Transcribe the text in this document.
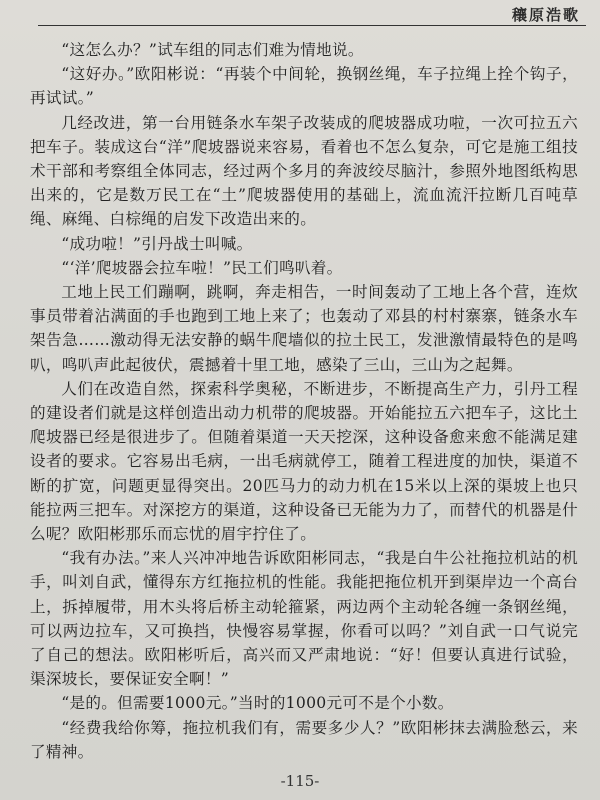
穰原浩歌

“这怎么办？”试车组的同志们难为情地说。

“这好办。”欧阳彬说：“再装个中间轮，换钢丝绳，车子拉绳上拴个钩子，再试试。”

几经改进，第一台用链条水车架子改装成的爬坡器成功啦，一次可拉五六把车子。装成这台“洋”爬坡器说来容易，看着也不怎么复杂，可它是施工组技术干部和考察组全体同志，经过两个多月的奔波绞尽脑汁，参照外地图纸构思出来的，它是数万民工在“土”爬坡器使用的基础上，流血流汗拉断几百吨草绳、麻绳、白棕绳的启发下改造出来的。

“成功啦！”引丹战士叫喊。

“‘洋’爬坡器会拉车啦！”民工们鸣叭着。

工地上民工们蹦啊，跳啊，奔走相告，一时间轰动了工地上各个营，连炊事员带着沾满面的手也跑到工地上来了；也轰动了邓县的村村寨寨，链条水车架告急……激动得无法安静的蜗牛爬墙似的拉土民工，发泄激情最特色的是鸣叭，鸣叭声此起彼伏，震撼着十里工地，感染了三山，三山为之起舞。

人们在改造自然，探索科学奥秘，不断进步，不断提高生产力，引丹工程的建设者们就是这样创造出动力机带的爬坡器。开始能拉五六把车子，这比土爬坡器已经是很进步了。但随着渠道一天天挖深，这种设备愈来愈不能满足建设者的要求。它容易出毛病，一出毛病就停工，随着工程进度的加快，渠道不断的扩宽，问题更显得突出。20匹马力的动力机在15米以上深的渠坡上也只能拉两三把车。对深挖方的渠道，这种设备已无能为力了，而替代的机器是什么呢？欧阳彬那乐而忘忧的眉宇拧住了。

“我有办法。”来人兴冲冲地告诉欧阳彬同志，“我是白牛公社拖拉机站的机手，叫刘自武，懂得东方红拖拉机的性能。我能把拖位机开到渠岸边一个高台上，拆掉履带，用木头将后桥主动轮箍紧，两边两个主动轮各缠一条钢丝绳，可以两边拉车，又可换挡，快慢容易掌握，你看可以吗？”刘自武一口气说完了自己的想法。欧阳彬听后，高兴而又严肃地说：“好！但要认真进行试验，渠深坡长，要保证安全啊！”

“是的。但需要1000元。”当时的1000元可不是个小数。

“经费我给你筹，拖拉机我们有，需要多少人？”欧阳彬抹去满脸愁云，来了精神。

-115-
